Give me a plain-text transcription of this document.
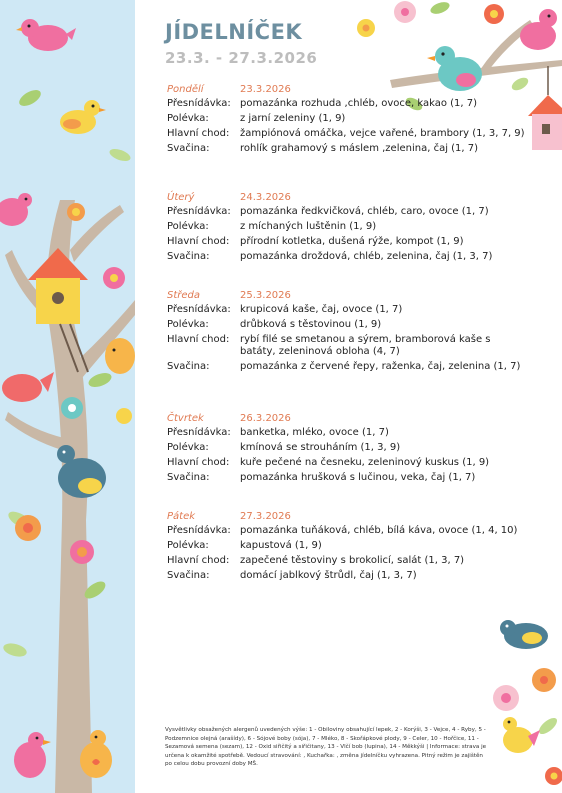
JÍDELNÍČEK
23.3. - 27.3.2026
Pondělí	23.3.2026
Přesnídávka: pomazánka rozhuda ,chléb, ovoce, kakao (1, 7)
Polévka:	z jarní zeleniny (1, 9)
Hlavní chod:	žampiónová omáčka, vejce vařené, brambory (1, 3, 7, 9)
Svačina:	rohlík grahamový s máslem ,zelenina, čaj (1, 7)
Úterý	24.3.2026
Přesnídávka: pomazánka ředkvičková, chléb, caro, ovoce (1, 7)
Polévka:	z míchaných luštěnin (1, 9)
Hlavní chod:	přírodní kotletka, dušená rýže, kompot (1, 9)
Svačina:	pomazánka droždová, chléb, zelenina, čaj (1, 3, 7)
Středa	25.3.2026
Přesnídávka: krupicová kaše, čaj, ovoce (1, 7)
Polévka:	drůbková s těstovinou (1, 9)
Hlavní chod:	rybí filé se smetanou a sýrem, bramborová kaše s batáty, zeleninová obloha (4, 7)
Svačina:	pomazánka z červené řepy, raženka, čaj, zelenina (1, 7)
Čtvrtek	26.3.2026
Přesnídávka: banketka, mléko, ovoce (1, 7)
Polévka:	kmínová se strouháním (1, 3, 9)
Hlavní chod:	kuře pečené na česneku, zeleninový kuskus (1, 9)
Svačina:	pomazánka hrušková s lučinou, veka, čaj (1, 7)
Pátek	27.3.2026
Přesnídávka: pomazánka tuňáková, chléb, bílá káva, ovoce (1, 4, 10)
Polévka:	kapustová (1, 9)
Hlavní chod:	zapečené těstoviny s brokolicí, salát (1, 3, 7)
Svačina:	domácí jablkový štrůdl, čaj (1, 3, 7)
Vysvětlivky obsažených alergenů uvedených výše: 1 - Obiloviny obsahující lepek, 2 - Korýši, 3 - Vejce, 4 - Ryby, 5 - Podzemnice olejná (arašídy), 6 - Sójové boby (sója), 7 - Mléko, 8 - Skořápkové plody, 9 - Celer, 10 - Hořčice, 11 - Sezamová semena (sezam), 12 - Oxid siřičitý a siřičitany, 13 - Vlčí bob (lupina), 14 - Měkkýši | Informace: strava je určena k okamžité spotřebě. Vedoucí stravování: , Kuchařka: , změna jídelníčku vyhrazena. Pitný režim je zajištěn po celou dobu provozní doby MŠ.
